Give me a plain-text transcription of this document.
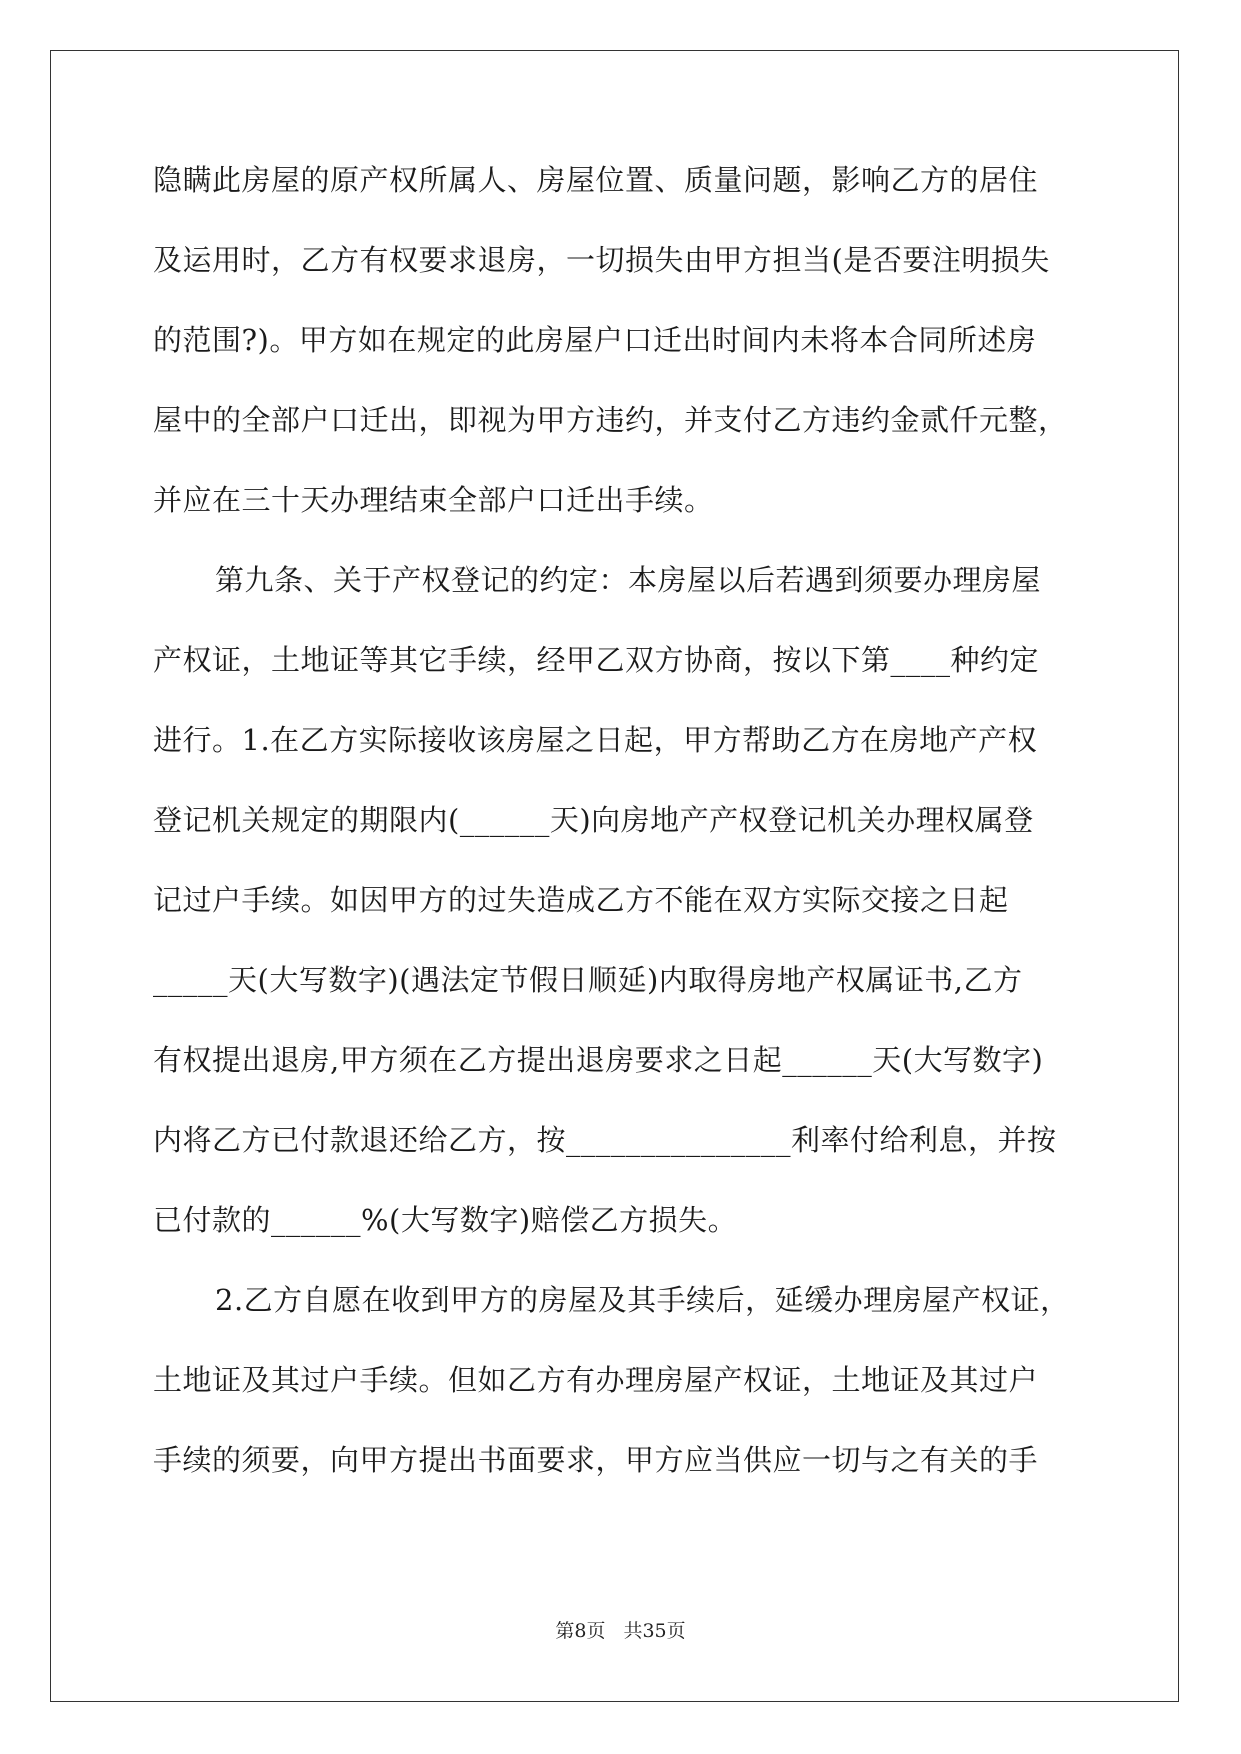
隐瞒此房屋的原产权所属人、房屋位置、质量问题，影响乙方的居住
及运用时，乙方有权要求退房，一切损失由甲方担当(是否要注明损失
的范围?)。甲方如在规定的此房屋户口迁出时间内未将本合同所述房
屋中的全部户口迁出，即视为甲方违约，并支付乙方违约金贰仟元整，
并应在三十天办理结束全部户口迁出手续。
第九条、关于产权登记的约定：本房屋以后若遇到须要办理房屋
产权证，土地证等其它手续，经甲乙双方协商，按以下第____种约定
进行。1.在乙方实际接收该房屋之日起，甲方帮助乙方在房地产产权
登记机关规定的期限内(______天)向房地产产权登记机关办理权属登
记过户手续。如因甲方的过失造成乙方不能在双方实际交接之日起
_____天(大写数字)(遇法定节假日顺延)内取得房地产权属证书,乙方
有权提出退房,甲方须在乙方提出退房要求之日起______天(大写数字)
内将乙方已付款退还给乙方，按_______________利率付给利息，并按
已付款的______%(大写数字)赔偿乙方损失。
2.乙方自愿在收到甲方的房屋及其手续后，延缓办理房屋产权证，
土地证及其过户手续。但如乙方有办理房屋产权证，土地证及其过户
手续的须要，向甲方提出书面要求，甲方应当供应一切与之有关的手
第8页 共35页
